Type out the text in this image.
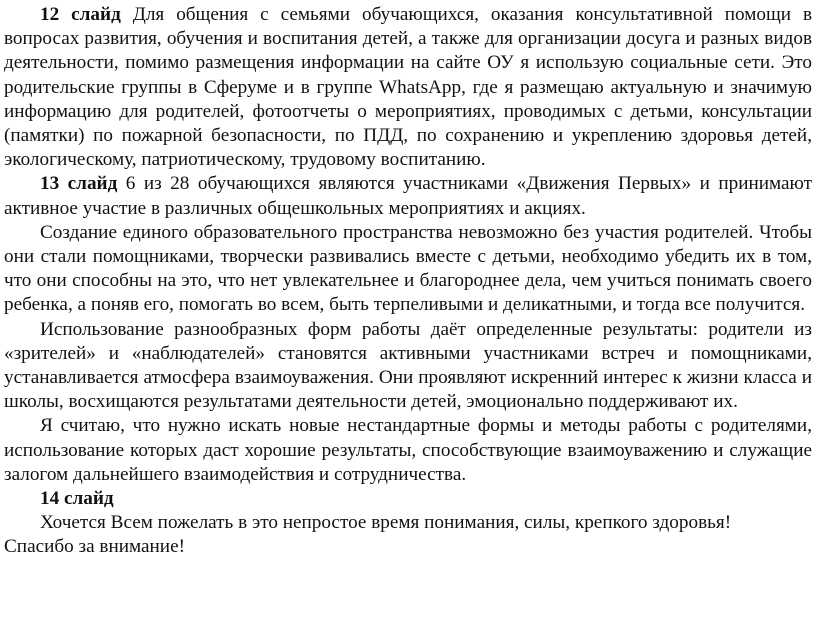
12 слайд Для общения с семьями обучающихся, оказания консультативной помощи в вопросах развития, обучения и воспитания детей, а также для организации досуга и разных видов деятельности, помимо размещения информации на сайте ОУ я использую социальные сети. Это родительские группы в Сферуме и в группе WhatsApp, где я размещаю актуальную и значимую информацию для родителей, фотоотчеты о мероприятиях, проводимых с детьми, консультации (памятки) по пожарной безопасности, по ПДД, по сохранению и укреплению здоровья детей, экологическому, патриотическому, трудовому воспитанию.

13 слайд 6 из 28 обучающихся являются участниками «Движения Первых» и принимают активное участие в различных общешкольных мероприятиях и акциях.

Создание единого образовательного пространства невозможно без участия родителей. Чтобы они стали помощниками, творчески развивались вместе с детьми, необходимо убедить их в том, что они способны на это, что нет увлекательнее и благороднее дела, чем учиться понимать своего ребенка, а поняв его, помогать во всем, быть терпеливыми и деликатными, и тогда все получится.

Использование разнообразных форм работы даёт определенные результаты: родители из «зрителей» и «наблюдателей» становятся активными участниками встреч и помощниками, устанавливается атмосфера взаимоуважения. Они проявляют искренний интерес к жизни класса и школы, восхищаются результатами деятельности детей, эмоционально поддерживают их.

Я считаю, что нужно искать новые нестандартные формы и методы работы с родителями, использование которых даст хорошие результаты, способствующие взаимоуважению и служащие залогом дальнейшего взаимодействия и сотрудничества.

14 слайд

Хочется Всем пожелать в это непростое время понимания, силы, крепкого здоровья!

Спасибо за внимание!
